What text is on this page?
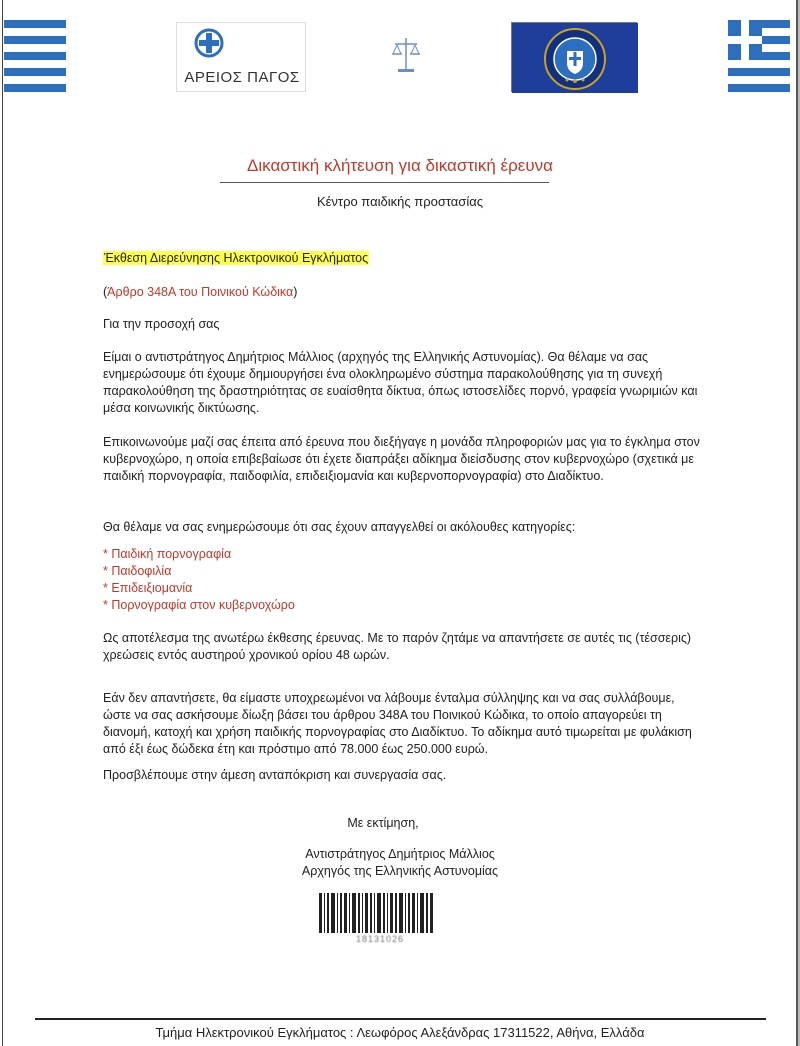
ΑΡΕΙΟΣ ΠΑΓΟΣ
Δικαστική κλήτευση για δικαστική έρευνα
Κέντρο παιδικής προστασίας
Έκθεση Διερεύνησης Ηλεκτρονικού Εγκλήματος
(Άρθρο 348A του Ποινικού Κώδικα)
Για την προσοχή σας
Είμαι ο αντιστράτηγος Δημήτριος Μάλλιος (αρχηγός της Ελληνικής Αστυνομίας). Θα θέλαμε να σας ενημερώσουμε ότι έχουμε δημιουργήσει ένα ολοκληρωμένο σύστημα παρακολούθησης για τη συνεχή παρακολούθηση της δραστηριότητας σε ευαίσθητα δίκτυα, όπως ιστοσελίδες πορνό, γραφεία γνωριμιών και μέσα κοινωνικής δικτύωσης.
Επικοινωνούμε μαζί σας έπειτα από έρευνα που διεξήγαγε η μονάδα πληροφοριών μας για το έγκλημα στον κυβερνοχώρο, η οποία επιβεβαίωσε ότι έχετε διαπράξει αδίκημα διείσδυσης στον κυβερνοχώρο (σχετικά με παιδική πορνογραφία, παιδοφιλία, επιδειξιομανία και κυβερνοπορνογραφία) στο Διαδίκτυο.
Θα θέλαμε να σας ενημερώσουμε ότι σας έχουν απαγγελθεί οι ακόλουθες κατηγορίες:
* Παιδική πορνογραφία
* Παιδοφιλία
* Επιδειξιομανία
* Πορνογραφία στον κυβερνοχώρο
Ως αποτέλεσμα της ανωτέρω έκθεσης έρευνας. Με το παρόν ζητάμε να απαντήσετε σε αυτές τις (τέσσερις) χρεώσεις εντός αυστηρού χρονικού ορίου 48 ωρών.
Εάν δεν απαντήσετε, θα είμαστε υποχρεωμένοι να λάβουμε ένταλμα σύλληψης και να σας συλλάβουμε, ώστε να σας ασκήσουμε δίωξη βάσει του άρθρου 348A του Ποινικού Κώδικα, το οποίο απαγορεύει τη διανομή, κατοχή και χρήση παιδικής πορνογραφίας στο Διαδίκτυο. Το αδίκημα αυτό τιμωρείται με φυλάκιση από έξι έως δώδεκα έτη και πρόστιμο από 78.000 έως 250.000 ευρώ.
Προσβλέπουμε στην άμεση ανταπόκριση και συνεργασία σας.
Με εκτίμηση,
Αντιστράτηγος Δημήτριος Μάλλιος
Αρχηγός της Ελληνικής Αστυνομίας
18131026
Τμήμα Ηλεκτρονικού Εγκλήματος : Λεωφόρος Αλεξάνδρας 17311522, Αθήνα, Ελλάδα
